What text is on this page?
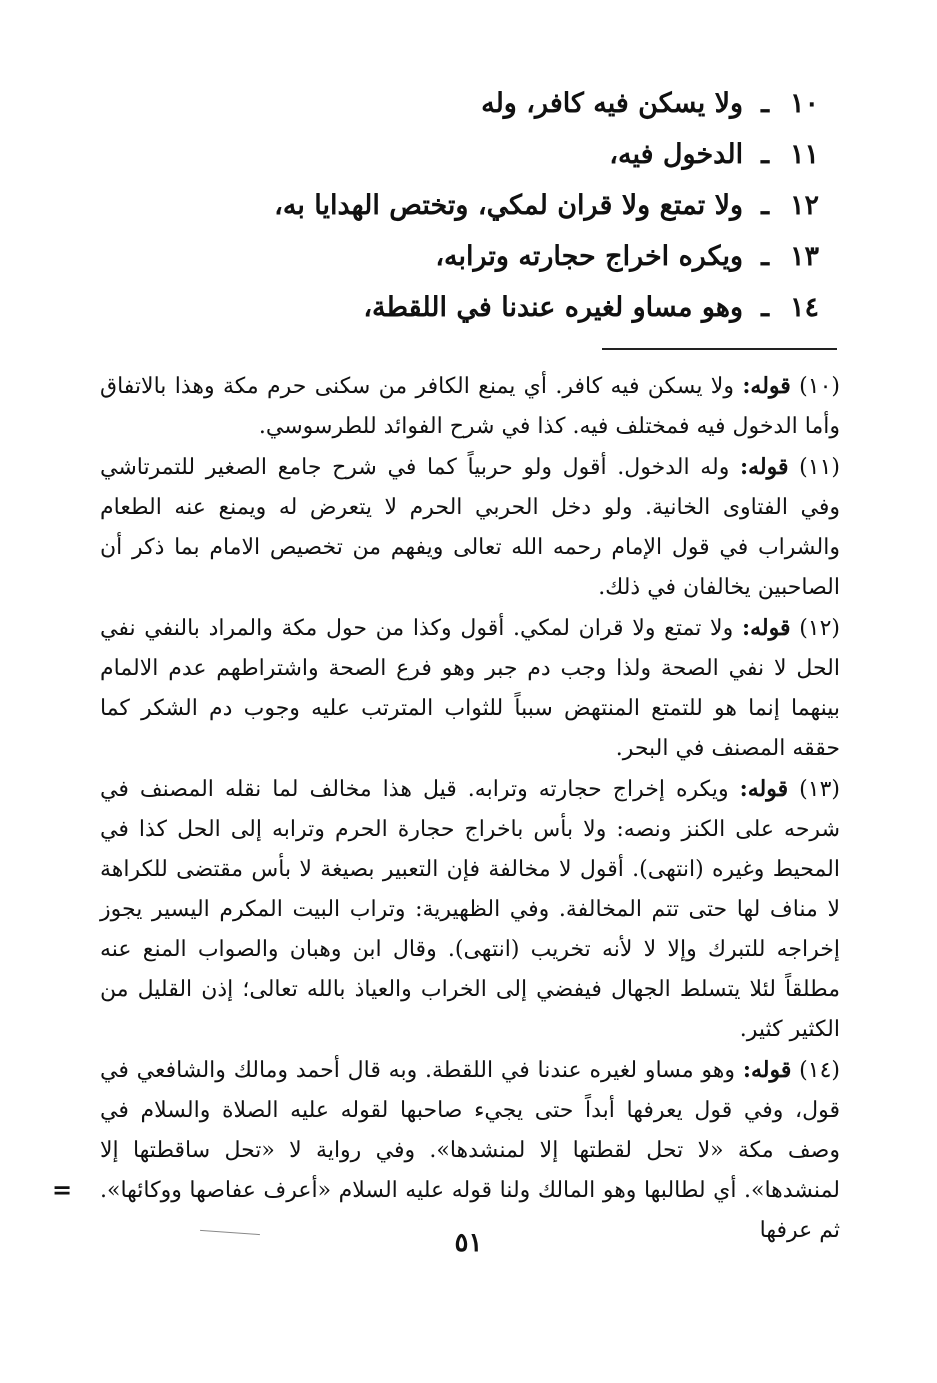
١٠ـولا يسكن فيه كافر، وله
١١ـالدخول فيه،
١٢ـولا تمتع ولا قران لمكي، وتختص الهدايا به،
١٣ـويكره اخراج حجارته وترابه،
١٤ـوهو مساو لغيره عندنا في اللقطة،

(١٠) قوله: ولا يسكن فيه كافر. أي يمنع الكافر من سكنى حرم مكة وهذا بالاتفاق وأما الدخول فيه فمختلف فيه. كذا في شرح الفوائد للطرسوسي.

(١١) قوله: وله الدخول. أقول ولو حربياً كما في شرح جامع الصغير للتمرتاشي وفي الفتاوى الخانية. ولو دخل الحربي الحرم لا يتعرض له ويمنع عنه الطعام والشراب في قول الإمام رحمه الله تعالى ويفهم من تخصيص الامام بما ذكر أن الصاحبين يخالفان في ذلك.

(١٢) قوله: ولا تمتع ولا قران لمكي. أقول وكذا من حول مكة والمراد بالنفي نفي الحل لا نفي الصحة ولذا وجب دم جبر وهو فرع الصحة واشتراطهم عدم الالمام بينهما إنما هو للتمتع المنتهض سبباً للثواب المترتب عليه وجوب دم الشكر كما حققه المصنف في البحر.

(١٣) قوله: ويكره إخراج حجارته وترابه. قيل هذا مخالف لما نقله المصنف في شرحه على الكنز ونصه: ولا بأس باخراج حجارة الحرم وترابه إلى الحل كذا في المحيط وغيره (انتهى). أقول لا مخالفة فإن التعبير بصيغة لا بأس مقتضى للكراهة لا مناف لها حتى تتم المخالفة. وفي الظهيرية: وتراب البيت المكرم اليسير يجوز إخراجه للتبرك وإلا لا لأنه تخريب (انتهى). وقال ابن وهبان والصواب المنع عنه مطلقاً لئلا يتسلط الجهال فيفضي إلى الخراب والعياذ بالله تعالى؛ إذن القليل من الكثير كثير.

(١٤) قوله: وهو مساو لغيره عندنا في اللقطة. وبه قال أحمد ومالك والشافعي في قول، وفي قول يعرفها أبداً حتى يجيء صاحبها لقوله عليه الصلاة والسلام في وصف مكة «لا تحل لقطتها إلا لمنشدها». وفي رواية لا «تحل ساقطتها إلا لمنشدها». أي لطالبها وهو المالك ولنا قوله عليه السلام «أعرف عفاصها ووكائها». ثم عرفها

=
٥١
